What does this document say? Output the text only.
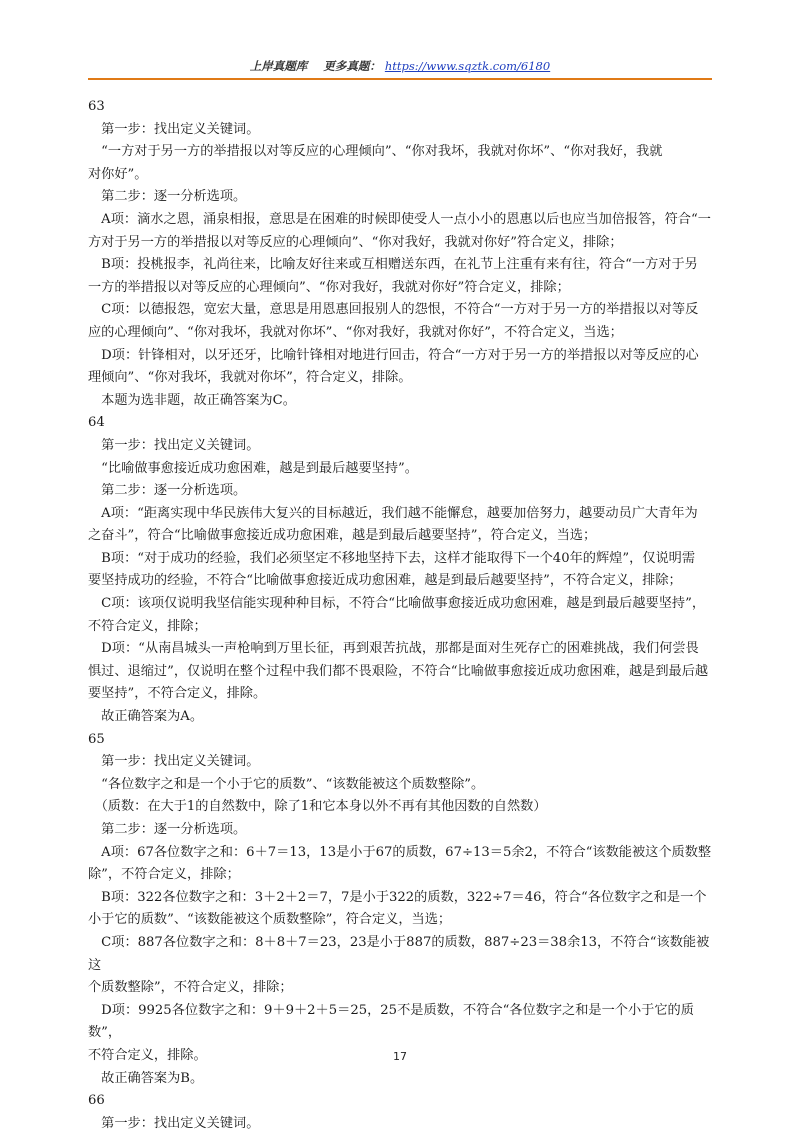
上岸真题库 更多真题： https://www.sqztk.com/6180

63

　第一步：找出定义关键词。

　“一方对于另一方的举措报以对等反应的心理倾向”、“你对我坏，我就对你坏”、“你对我好，我就

对你好”。

　第二步：逐一分析选项。

　A项：滴水之恩，涌泉相报，意思是在困难的时候即使受人一点小小的恩惠以后也应当加倍报答，符合“一

方对于另一方的举措报以对等反应的心理倾向”、“你对我好，我就对你好”符合定义，排除；

　B项：投桃报李，礼尚往来，比喻友好往来或互相赠送东西，在礼节上注重有来有往，符合“一方对于另

一方的举措报以对等反应的心理倾向”、“你对我好，我就对你好”符合定义，排除；

　C项：以德报怨，宽宏大量，意思是用恩惠回报别人的怨恨，不符合“一方对于另一方的举措报以对等反

应的心理倾向”、“你对我坏，我就对你坏”、“你对我好，我就对你好”，不符合定义，当选；

　D项：针锋相对，以牙还牙，比喻针锋相对地进行回击，符合“一方对于另一方的举措报以对等反应的心

理倾向”、“你对我坏，我就对你坏”，符合定义，排除。

　本题为选非题，故正确答案为C。

64

　第一步：找出定义关键词。

　“比喻做事愈接近成功愈困难，越是到最后越要坚持”。

　第二步：逐一分析选项。

　A项：“距离实现中华民族伟大复兴的目标越近，我们越不能懈怠，越要加倍努力，越要动员广大青年为

之奋斗”，符合“比喻做事愈接近成功愈困难，越是到最后越要坚持”，符合定义，当选；

　B项：“对于成功的经验，我们必须坚定不移地坚持下去，这样才能取得下一个40年的辉煌”，仅说明需

要坚持成功的经验，不符合“比喻做事愈接近成功愈困难，越是到最后越要坚持”，不符合定义，排除；

　C项：该项仅说明我坚信能实现种种目标，不符合“比喻做事愈接近成功愈困难，越是到最后越要坚持”，

不符合定义，排除；

　D项：“从南昌城头一声枪响到万里长征，再到艰苦抗战，那都是面对生死存亡的困难挑战，我们何尝畏

惧过、退缩过”，仅说明在整个过程中我们都不畏艰险，不符合“比喻做事愈接近成功愈困难，越是到最后越

要坚持”，不符合定义，排除。

　故正确答案为A。

65

　第一步：找出定义关键词。

　“各位数字之和是一个小于它的质数”、“该数能被这个质数整除”。

　（质数：在大于1的自然数中，除了1和它本身以外不再有其他因数的自然数）

　第二步：逐一分析选项。

　A项：67各位数字之和：6＋7＝13，13是小于67的质数，67÷13＝5余2，不符合“该数能被这个质数整

除”，不符合定义，排除；

　B项：322各位数字之和：3＋2＋2＝7，7是小于322的质数，322÷7＝46，符合“各位数字之和是一个

小于它的质数”、“该数能被这个质数整除”，符合定义，当选；

　C项：887各位数字之和：8＋8＋7＝23，23是小于887的质数，887÷23＝38余13，不符合“该数能被这

个质数整除”，不符合定义，排除；

　D项：9925各位数字之和：9＋9＋2＋5＝25，25不是质数，不符合“各位数字之和是一个小于它的质数”，

不符合定义，排除。

　故正确答案为B。

66

　第一步：找出定义关键词。

17
